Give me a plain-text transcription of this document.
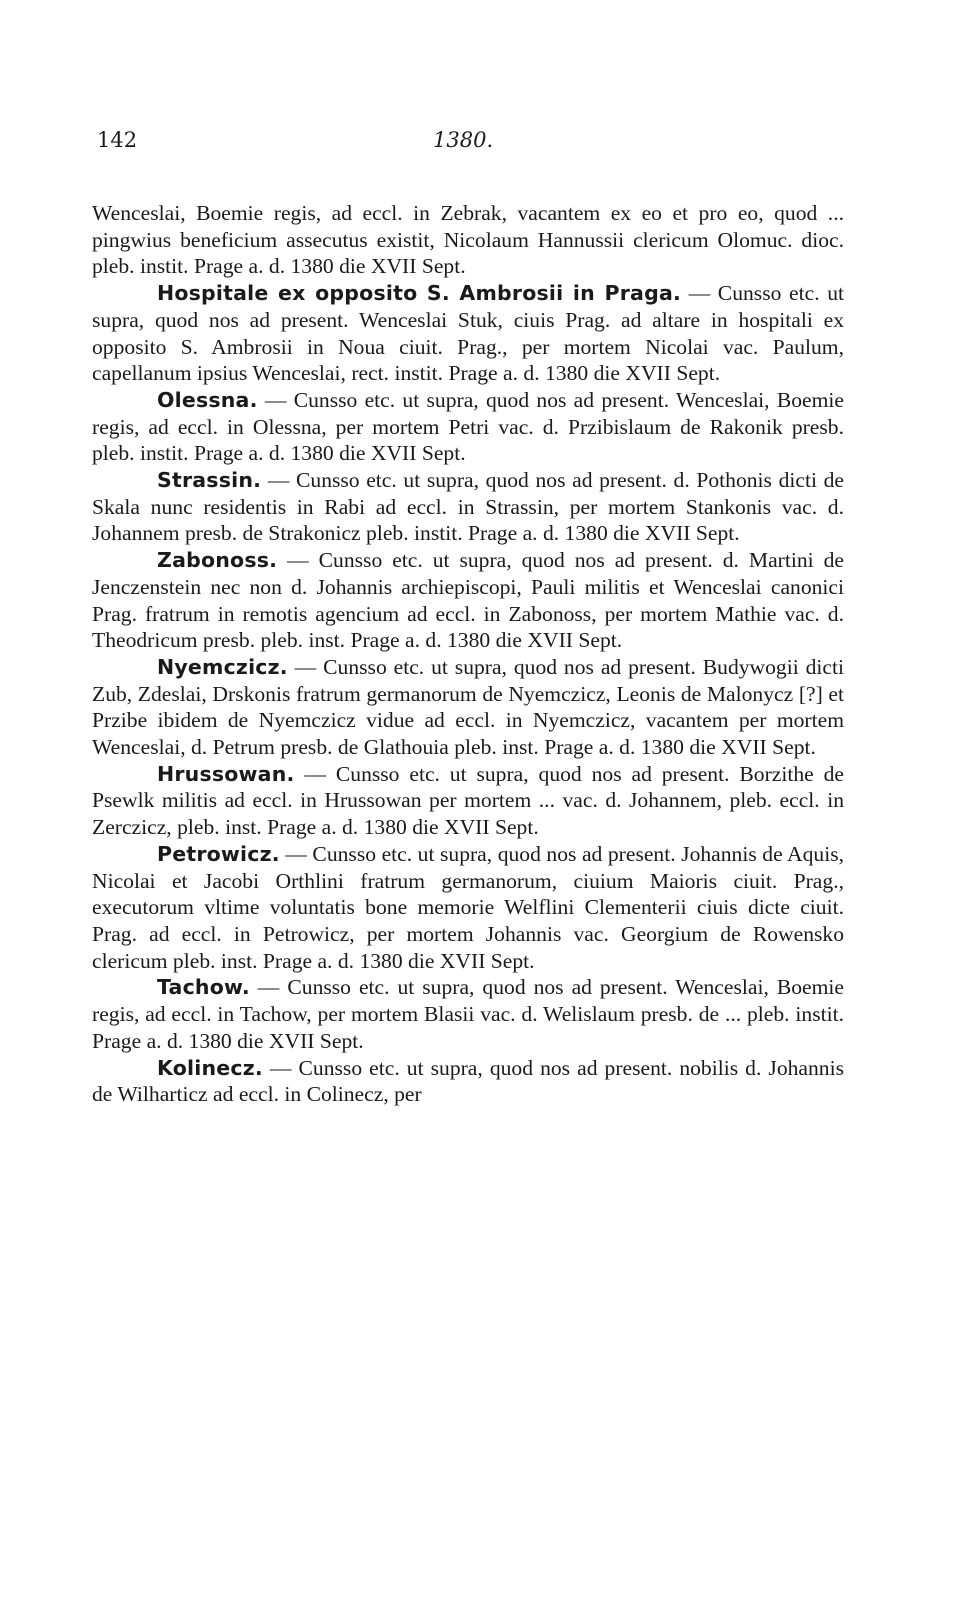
142	1380.

Wenceslai, Boemie regis, ad eccl. in Zebrak, vacantem ex eo et pro eo, quod ... pingwius beneficium assecutus existit, Nicolaum Hannussii clericum Olomuc. dioc. pleb. instit. Prage a. d. 1380 die XVII Sept.

Hospitale ex opposito S. Ambrosii in Praga. — Cunsso etc. ut supra, quod nos ad present. Wenceslai Stuk, ciuis Prag. ad altare in hospitali ex opposito S. Ambrosii in Noua ciuit. Prag., per mortem Nicolai vac. Paulum, capellanum ipsius Wenceslai, rect. instit. Prage a. d. 1380 die XVII Sept.

Olessna. — Cunsso etc. ut supra, quod nos ad present. Wenceslai, Boemie regis, ad eccl. in Olessna, per mortem Petri vac. d. Przibislaum de Rakonik presb. pleb. instit. Prage a. d. 1380 die XVII Sept.

Strassin. — Cunsso etc. ut supra, quod nos ad present. d. Pothonis dicti de Skala nunc residentis in Rabi ad eccl. in Strassin, per mortem Stankonis vac. d. Johannem presb. de Strakonicz pleb. instit. Prage a. d. 1380 die XVII Sept.

Zabonoss. — Cunsso etc. ut supra, quod nos ad present. d. Martini de Jenczenstein nec non d. Johannis archiepiscopi, Pauli militis et Wenceslai canonici Prag. fratrum in remotis agencium ad eccl. in Zabonoss, per mortem Mathie vac. d. Theodricum presb. pleb. inst. Prage a. d. 1380 die XVII Sept.

Nyemczicz. — Cunsso etc. ut supra, quod nos ad present. Budywogii dicti Zub, Zdeslai, Drskonis fratrum germanorum de Nyemczicz, Leonis de Malonycz [?] et Przibe ibidem de Nyemczicz vidue ad eccl. in Nyemczicz, vacantem per mortem Wenceslai, d. Petrum presb. de Glathouia pleb. inst. Prage a. d. 1380 die XVII Sept.

Hrussowan. — Cunsso etc. ut supra, quod nos ad present. Borzithe de Psewlk militis ad eccl. in Hrussowan per mortem ... vac. d. Johannem, pleb. eccl. in Zerczicz, pleb. inst. Prage a. d. 1380 die XVII Sept.

Petrowicz. — Cunsso etc. ut supra, quod nos ad present. Johannis de Aquis, Nicolai et Jacobi Orthlini fratrum germanorum, ciuium Maioris ciuit. Prag., executorum vltime voluntatis bone memorie Welflini Clementerii ciuis dicte ciuit. Prag. ad eccl. in Petrowicz, per mortem Johannis vac. Georgium de Rowensko clericum pleb. inst. Prage a. d. 1380 die XVII Sept.

Tachow. — Cunsso etc. ut supra, quod nos ad present. Wenceslai, Boemie regis, ad eccl. in Tachow, per mortem Blasii vac. d. Welislaum presb. de ... pleb. instit. Prage a. d. 1380 die XVII Sept.

Kolinecz. — Cunsso etc. ut supra, quod nos ad present. nobilis d. Johannis de Wilharticz ad eccl. in Colinecz, per
